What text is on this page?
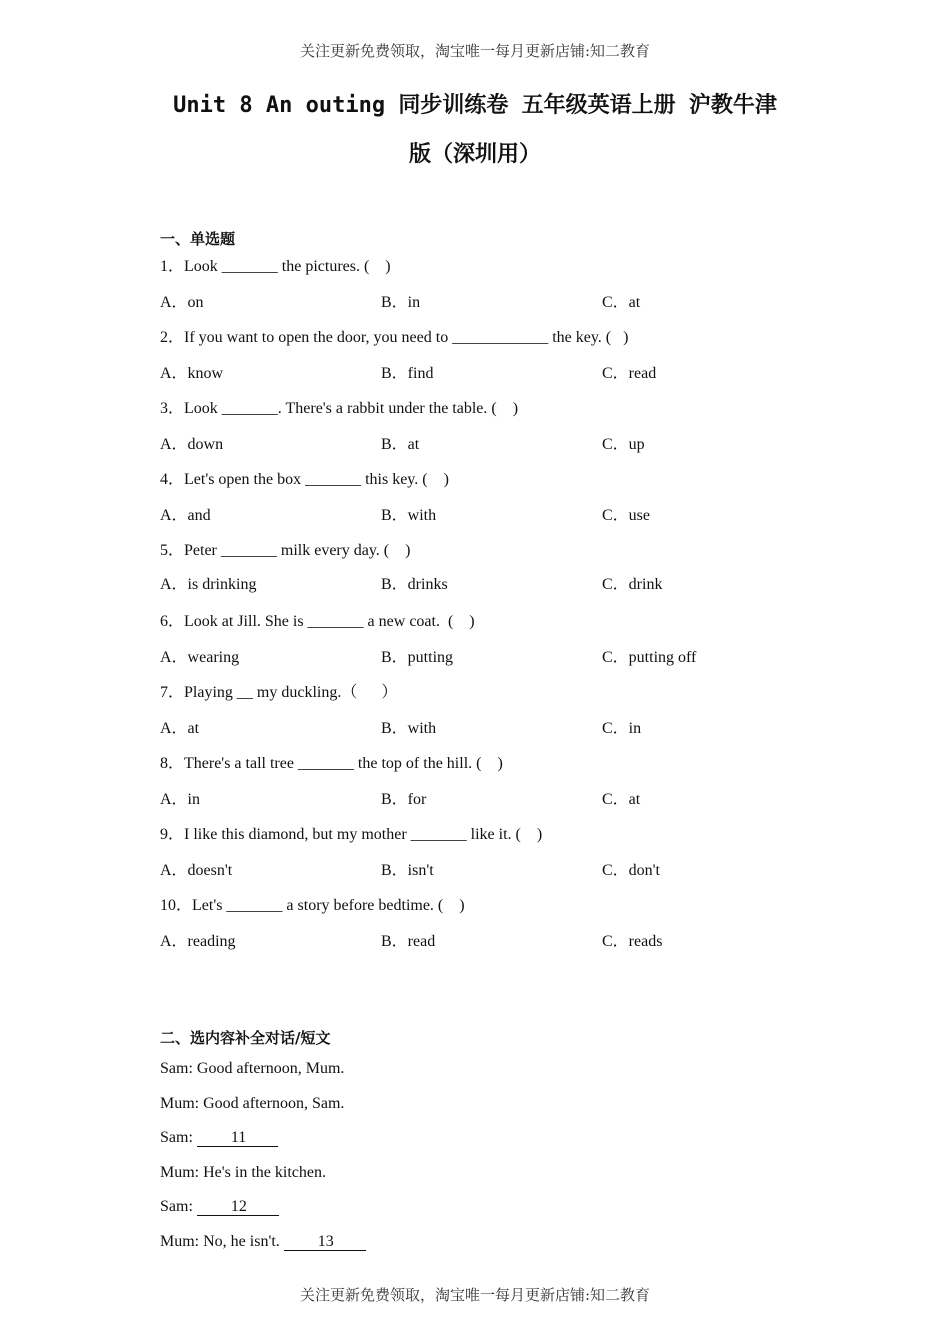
关注更新免费领取，淘宝唯一每月更新店铺:知二教育
Unit 8 An outing 同步训练卷 五年级英语上册 沪教牛津
版（深圳用）
一、单选题
1．Look _______ the pictures. (    )
A．on	B．in	C．at
2．If you want to open the door, you need to ____________ the key. (   )
A．know	B．find	C．read
3．Look _______. There's a rabbit under the table. (    )
A．down	B．at	C．up
4．Let's open the box _______ this key. (    )
A．and	B．with	C．use
5．Peter _______ milk every day. (    )
A．is drinking	B．drinks	C．drink
6．Look at Jill. She is _______ a new coat.  (    )
A．wearing	B．putting	C．putting off
7．Playing __ my duckling.（      ）
A．at	B．with	C．in
8．There's a tall tree _______ the top of the hill. (    )
A．in	B．for	C．at
9．I like this diamond, but my mother _______ like it. (    )
A．doesn't	B．isn't	C．don't
10．Let's _______ a story before bedtime. (    )
A．reading	B．read	C．reads
二、选内容补全对话/短文
Sam: Good afternoon, Mum.
Mum: Good afternoon, Sam.
Sam: 11
Mum: He's in the kitchen.
Sam: 12
Mum: No, he isn't. 13
关注更新免费领取，淘宝唯一每月更新店铺:知二教育
